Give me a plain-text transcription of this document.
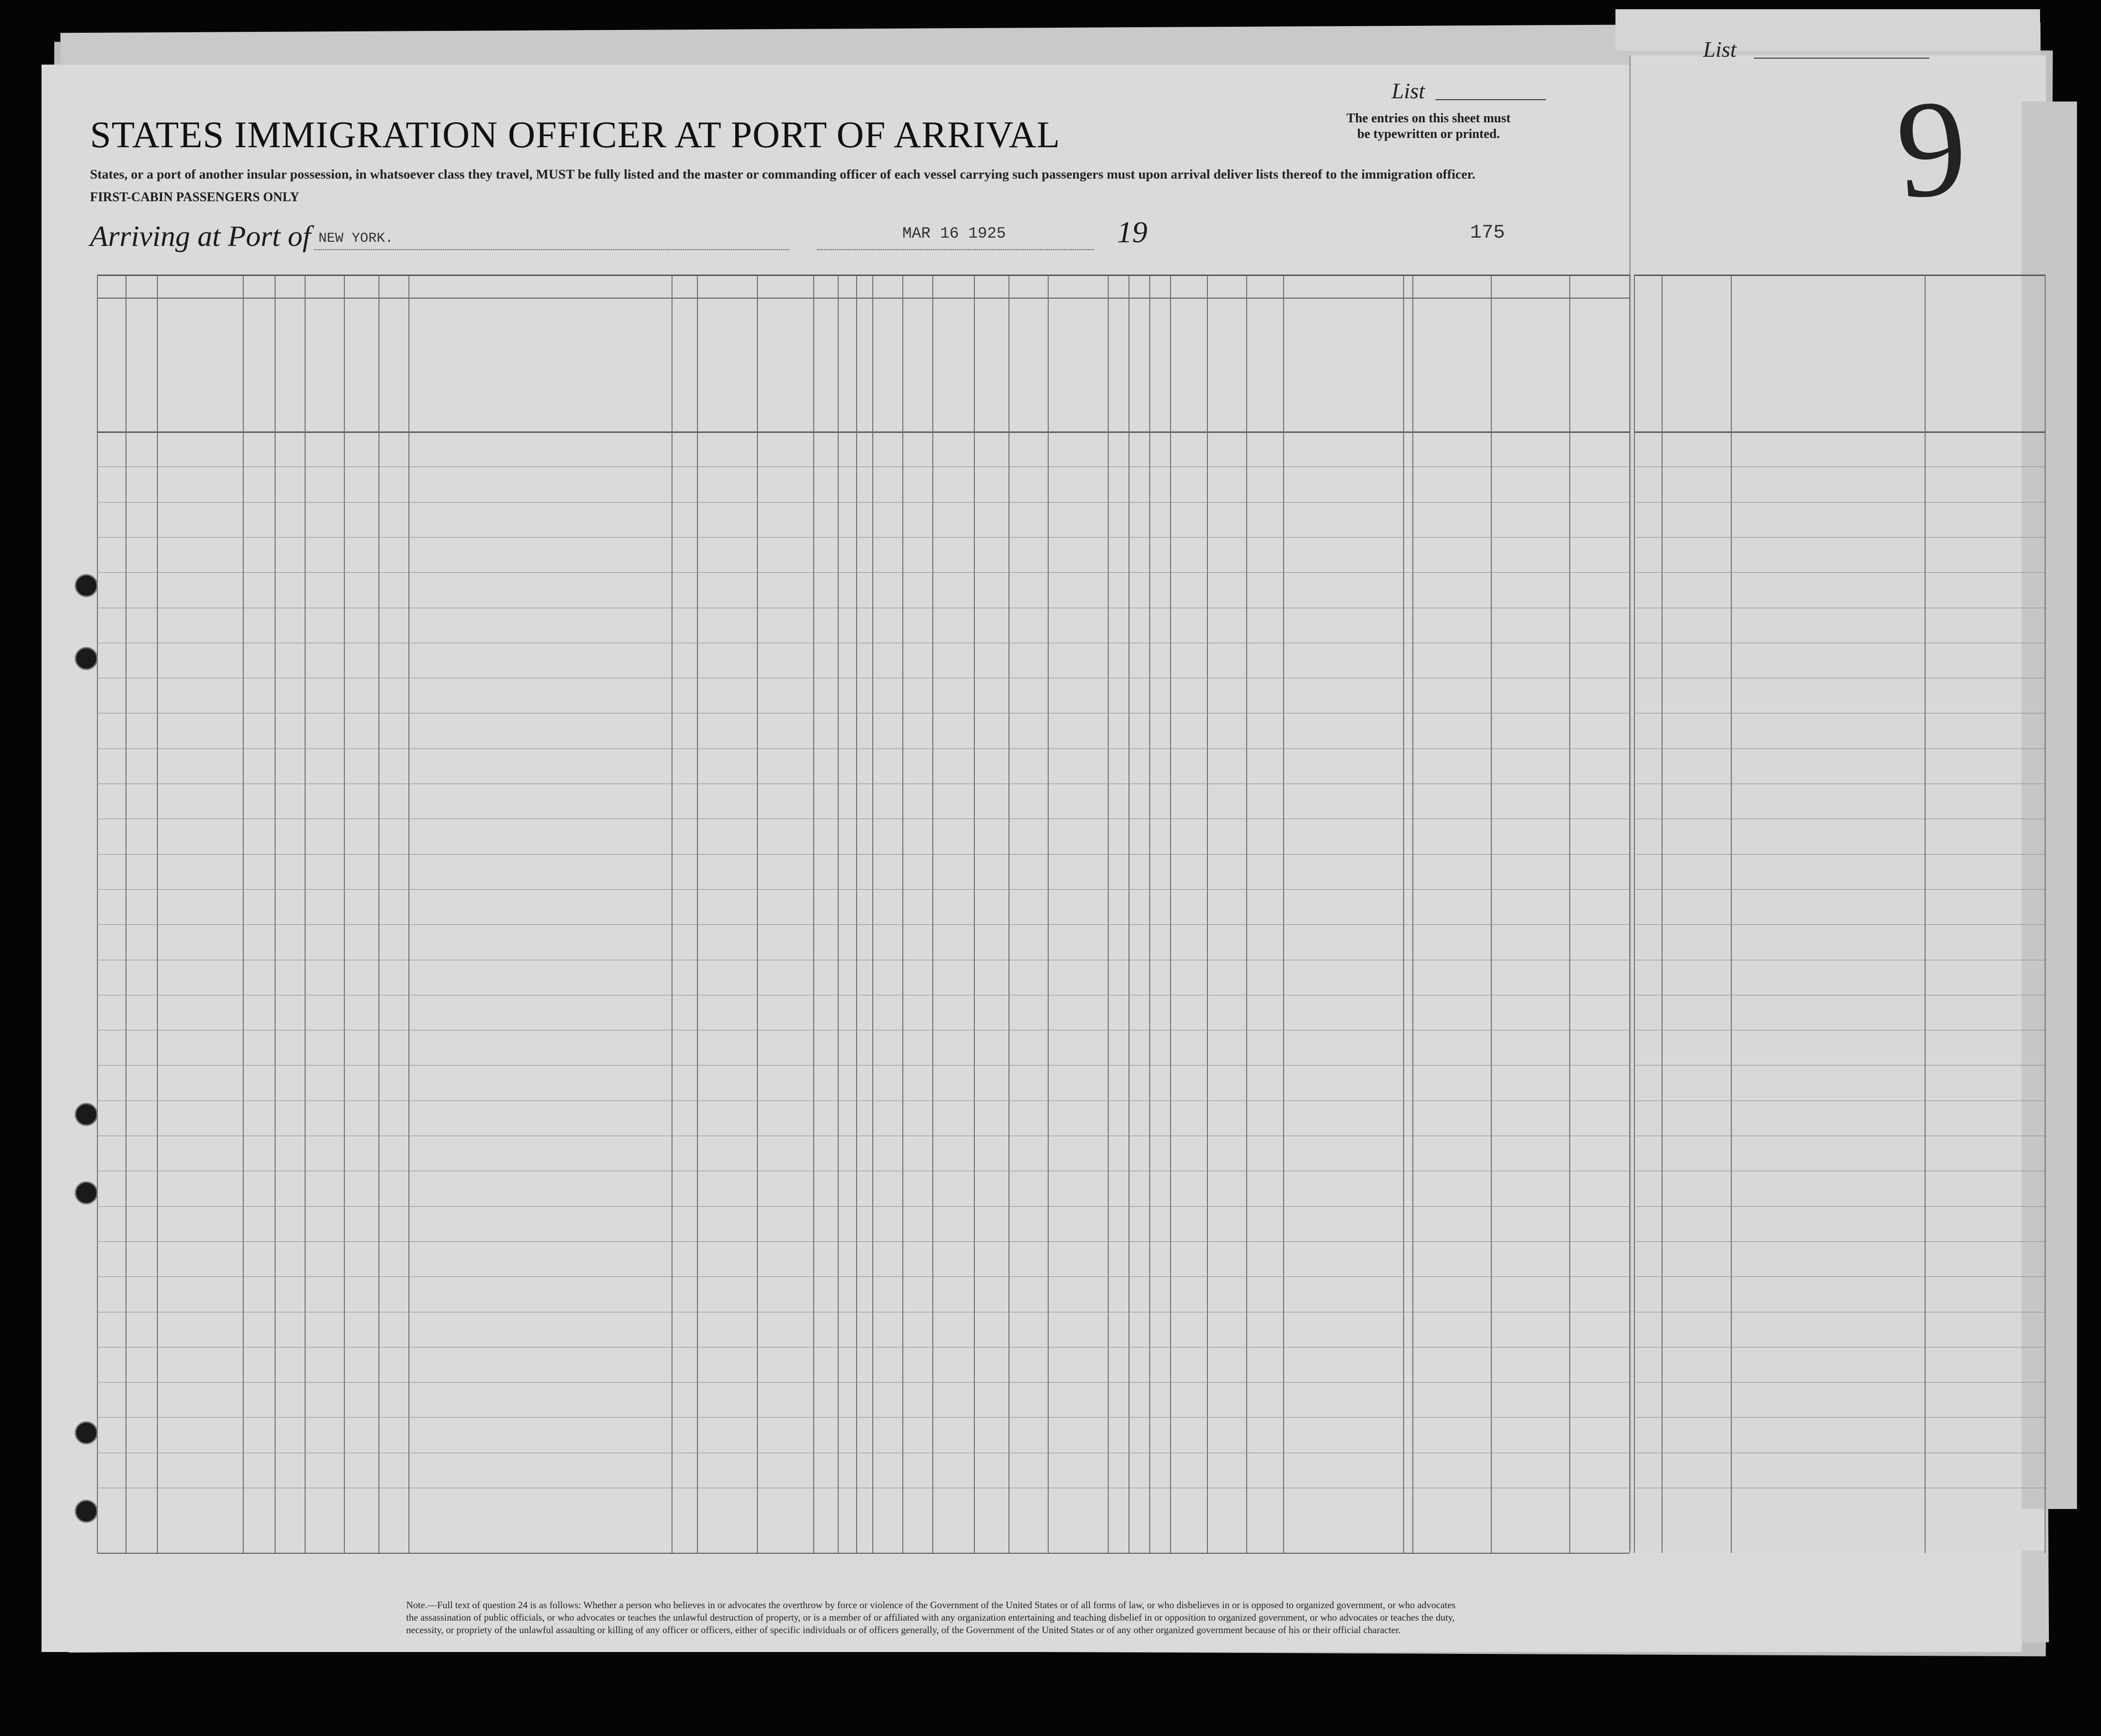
List
List	9
STATES IMMIGRATION OFFICER AT PORT OF ARRIVAL	The entries on this sheet must be typewritten or printed.
States, or a port of another insular possession, in whatsoever class they travel, MUST be fully listed and the master or commanding officer of each vessel carrying such passengers must upon arrival deliver lists thereof to the immigration officer.
FIRST-CABIN PASSENGERS ONLY
Arriving at Port of NEW YORK.	MAR 16 1925	19	175
Note.—Full text of question 24 is as follows: Whether a person who believes in or advocates the overthrow by force or violence of the Government of the United States or of all forms of law, or who disbelieves in or is opposed to organized government, or who advocates the assassination of public officials, or who advocates or teaches the unlawful destruction of property, or is a member of or affiliated with any organization entertaining and teaching disbelief in or opposition to organized government, or who advocates or teaches the duty, necessity, or propriety of the unlawful assaulting or killing of any officer or officers, either of specific individuals or of officers generally, of the Government of the United States or of any other organized government because of his or their official character.
